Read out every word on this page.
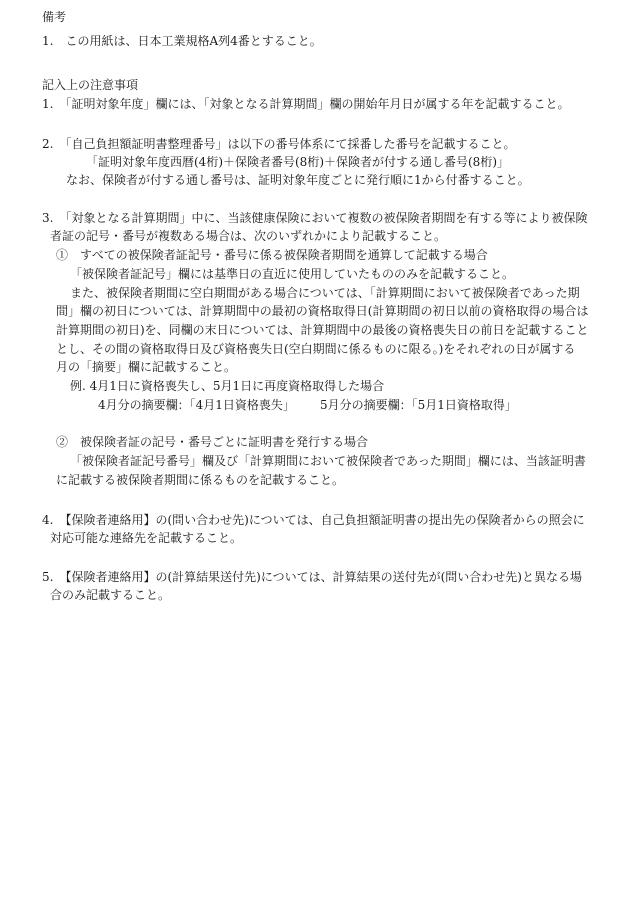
備考
1.　この用紙は、日本工業規格A列4番とすること。
記入上の注意事項
1.　「証明対象年度」欄には、「対象となる計算期間」欄の開始年月日が属する年を記載すること。
2.　「自己負担額証明書整理番号」は以下の番号体系にて採番した番号を記載すること。
「証明対象年度西暦(4桁)＋保険者番号(8桁)＋保険者が付する通し番号(8桁)」
なお、保険者が付する通し番号は、証明対象年度ごとに発行順に1から付番すること。
3.　「対象となる計算期間」中に、当該健康保険において複数の被保険者期間を有する等により被保険
者証の記号・番号が複数ある場合は、次のいずれかにより記載すること。
①　すべての被保険者証記号・番号に係る被保険者期間を通算して記載する場合
「被保険者証記号」欄には基準日の直近に使用していたもののみを記載すること。
また、被保険者期間に空白期間がある場合については、「計算期間において被保険者であった期
間」欄の初日については、計算期間中の最初の資格取得日(計算期間の初日以前の資格取得の場合は
計算期間の初日)を、同欄の末日については、計算期間中の最後の資格喪失日の前日を記載すること
とし、その間の資格取得日及び資格喪失日(空白期間に係るものに限る。)をそれぞれの日が属する
月の「摘要」欄に記載すること。
例. 4月1日に資格喪失し、5月1日に再度資格取得した場合
4月分の摘要欄：「4月1日資格喪失」 5月分の摘要欄：「5月1日資格取得」
②　被保険者証の記号・番号ごとに証明書を発行する場合
「被保険者証記号番号」欄及び「計算期間において被保険者であった期間」欄には、当該証明書
に記載する被保険者期間に係るものを記載すること。
4.　【保険者連絡用】の(問い合わせ先)については、自己負担額証明書の提出先の保険者からの照会に
対応可能な連絡先を記載すること。
5.　【保険者連絡用】の(計算結果送付先)については、計算結果の送付先が(問い合わせ先)と異なる場
合のみ記載すること。
